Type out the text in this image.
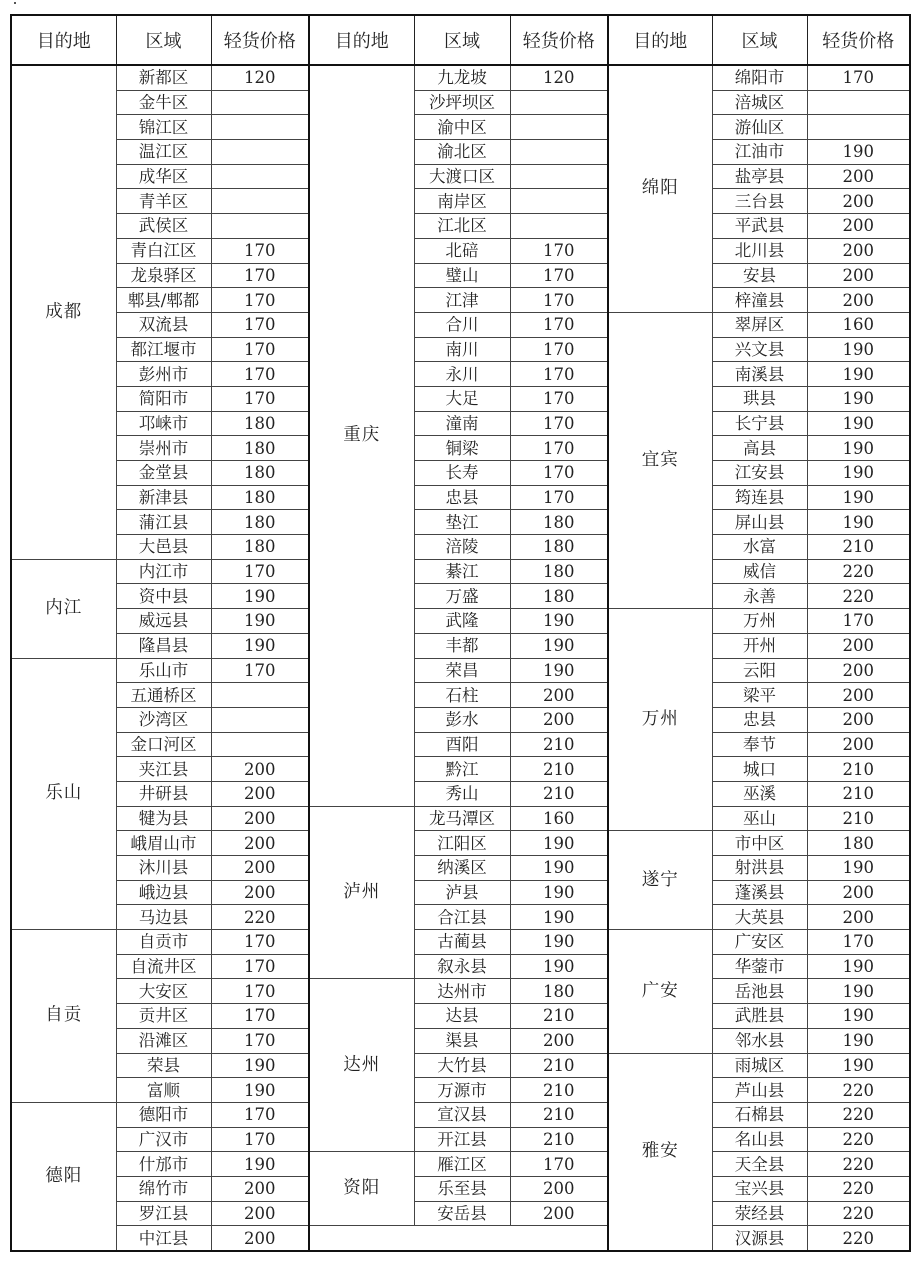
目的地	区域	轻货价格	目的地	区域	轻货价格	目的地	区域	轻货价格
成都	新都区	120	重庆	九龙坡	120	绵阳	绵阳市	170
	金牛区			沙坪坝区			涪城区	
	锦江区			渝中区			游仙区	
	温江区			渝北区			江油市	190
	成华区			大渡口区			盐亭县	200
	青羊区			南岸区			三台县	200
	武侯区			江北区			平武县	200
	青白江区	170		北碚	170		北川县	200
	龙泉驿区	170		璧山	170		安县	200
	郫县/郫都	170		江津	170		梓潼县	200
	双流县	170		合川	170	宜宾	翠屏区	160
	都江堰市	170		南川	170		兴文县	190
	彭州市	170		永川	170		南溪县	190
	简阳市	170		大足	170		珙县	190
	邛崃市	180		潼南	170		长宁县	190
	崇州市	180		铜梁	170		高县	190
	金堂县	180		长寿	170		江安县	190
	新津县	180		忠县	170		筠连县	190
	蒲江县	180		垫江	180		屏山县	190
	大邑县	180		涪陵	180		水富	210
内江	内江市	170		綦江	180		威信	220
	资中县	190		万盛	180		永善	220
	威远县	190		武隆	190	万州	万州	170
	隆昌县	190		丰都	190		开州	200
乐山	乐山市	170		荣昌	190		云阳	200
	五通桥区			石柱	200		梁平	200
	沙湾区			彭水	200		忠县	200
	金口河区			酉阳	210		奉节	200
	夹江县	200		黔江	210		城口	210
	井研县	200		秀山	210		巫溪	210
	犍为县	200	泸州	龙马潭区	160		巫山	210
	峨眉山市	200		江阳区	190	遂宁	市中区	180
	沐川县	200		纳溪区	190		射洪县	190
	峨边县	200		泸县	190		蓬溪县	200
	马边县	220		合江县	190		大英县	200
自贡	自贡市	170		古蔺县	190	广安	广安区	170
	自流井区	170		叙永县	190		华蓥市	190
	大安区	170	达州	达州市	180		岳池县	190
	贡井区	170		达县	210		武胜县	190
	沿滩区	170		渠县	200		邻水县	190
	荣县	190		大竹县	210	雅安	雨城区	190
	富顺	190		万源市	210		芦山县	220
德阳	德阳市	170		宣汉县	210		石棉县	220
	广汉市	170		开江县	210		名山县	220
	什邡市	190	资阳	雁江区	170		天全县	220
	绵竹市	200		乐至县	200		宝兴县	220
	罗江县	200		安岳县	200		荥经县	220
	中江县	200					汉源县	220
